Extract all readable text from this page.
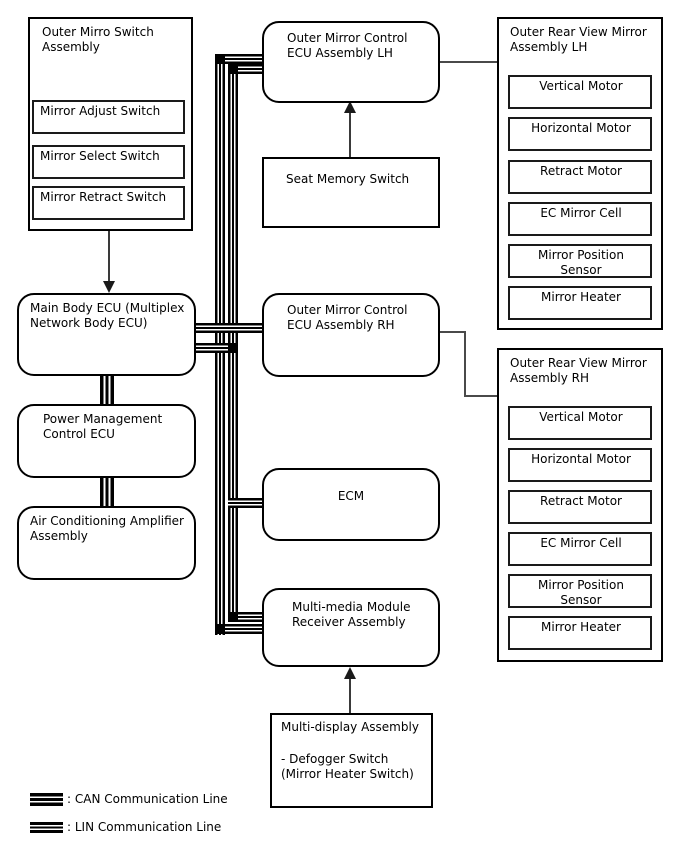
Outer Mirro Switch
Assembly
Mirror Adjust Switch
Mirror Select Switch
Mirror Retract Switch
Main Body ECU (Multiplex
Network Body ECU)
Power Management
Control ECU
Air Conditioning Amplifier
Assembly
Outer Mirror Control
ECU Assembly LH
Seat Memory Switch
Outer Mirror Control
ECU Assembly RH
ECM
Multi-media Module
Receiver Assembly
Multi-display Assembly
- Defogger Switch
(Mirror Heater Switch)
Outer Rear View Mirror
Assembly LH
Vertical Motor
Horizontal Motor
Retract Motor
EC Mirror Cell
Mirror Position Sensor
Mirror Heater
Outer Rear View Mirror
Assembly RH
Vertical Motor
Horizontal Motor
Retract Motor
EC Mirror Cell
Mirror Position Sensor
Mirror Heater
: CAN Communication Line
: LIN Communication Line
